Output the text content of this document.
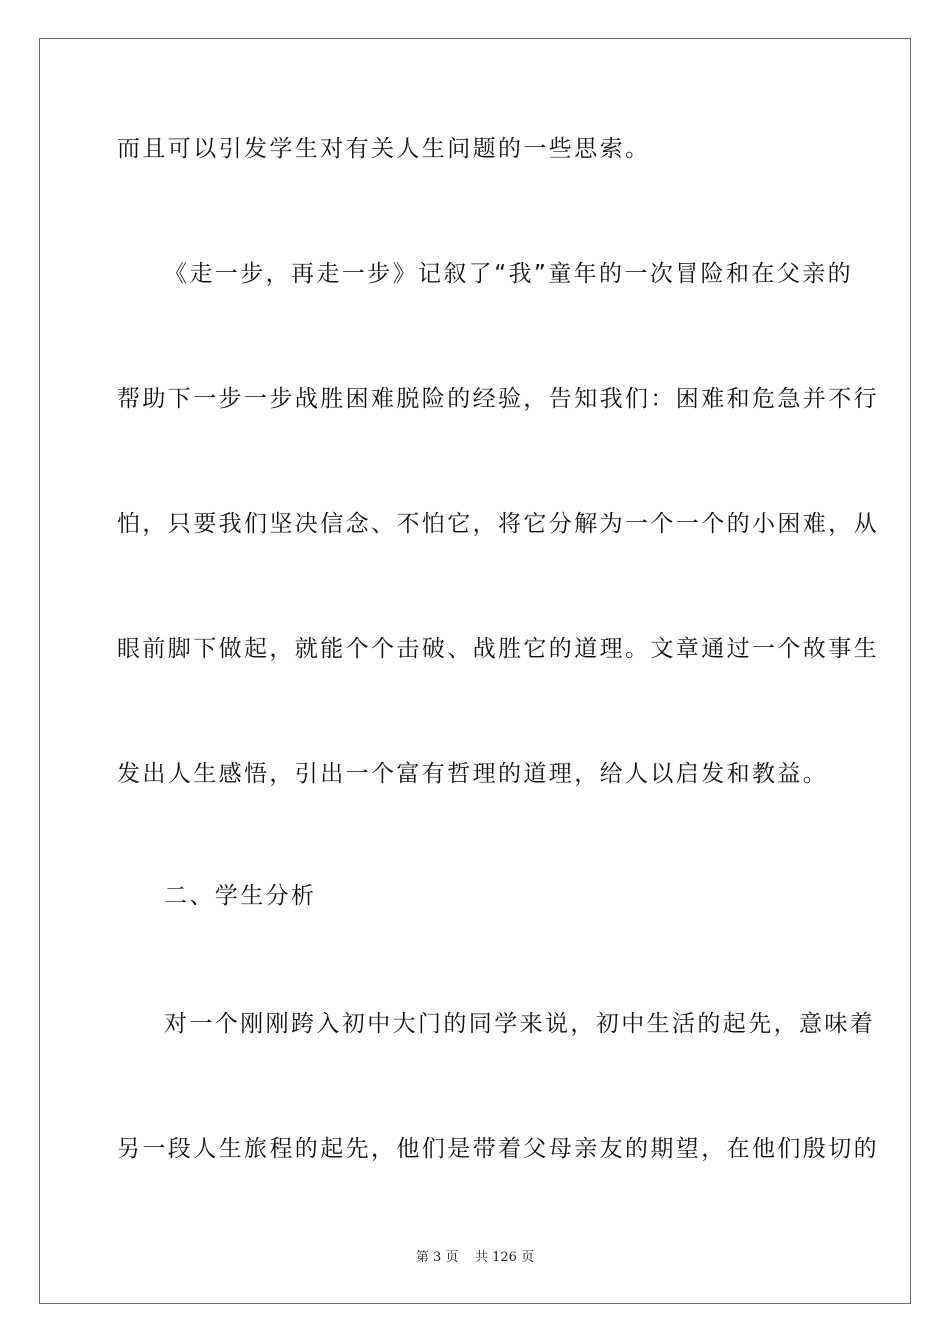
而且可以引发学生对有关人生问题的一些思索。
《走一步，再走一步》记叙了“我”童年的一次冒险和在父亲的
帮助下一步一步战胜困难脱险的经验，告知我们：困难和危急并不行
怕，只要我们坚决信念、不怕它，将它分解为一个一个的小困难，从
眼前脚下做起，就能个个击破、战胜它的道理。文章通过一个故事生
发出人生感悟，引出一个富有哲理的道理，给人以启发和教益。
二、学生分析
对一个刚刚跨入初中大门的同学来说，初中生活的起先，意味着
另一段人生旅程的起先，他们是带着父母亲友的期望，在他们殷切的
第 3 页 共 126 页
